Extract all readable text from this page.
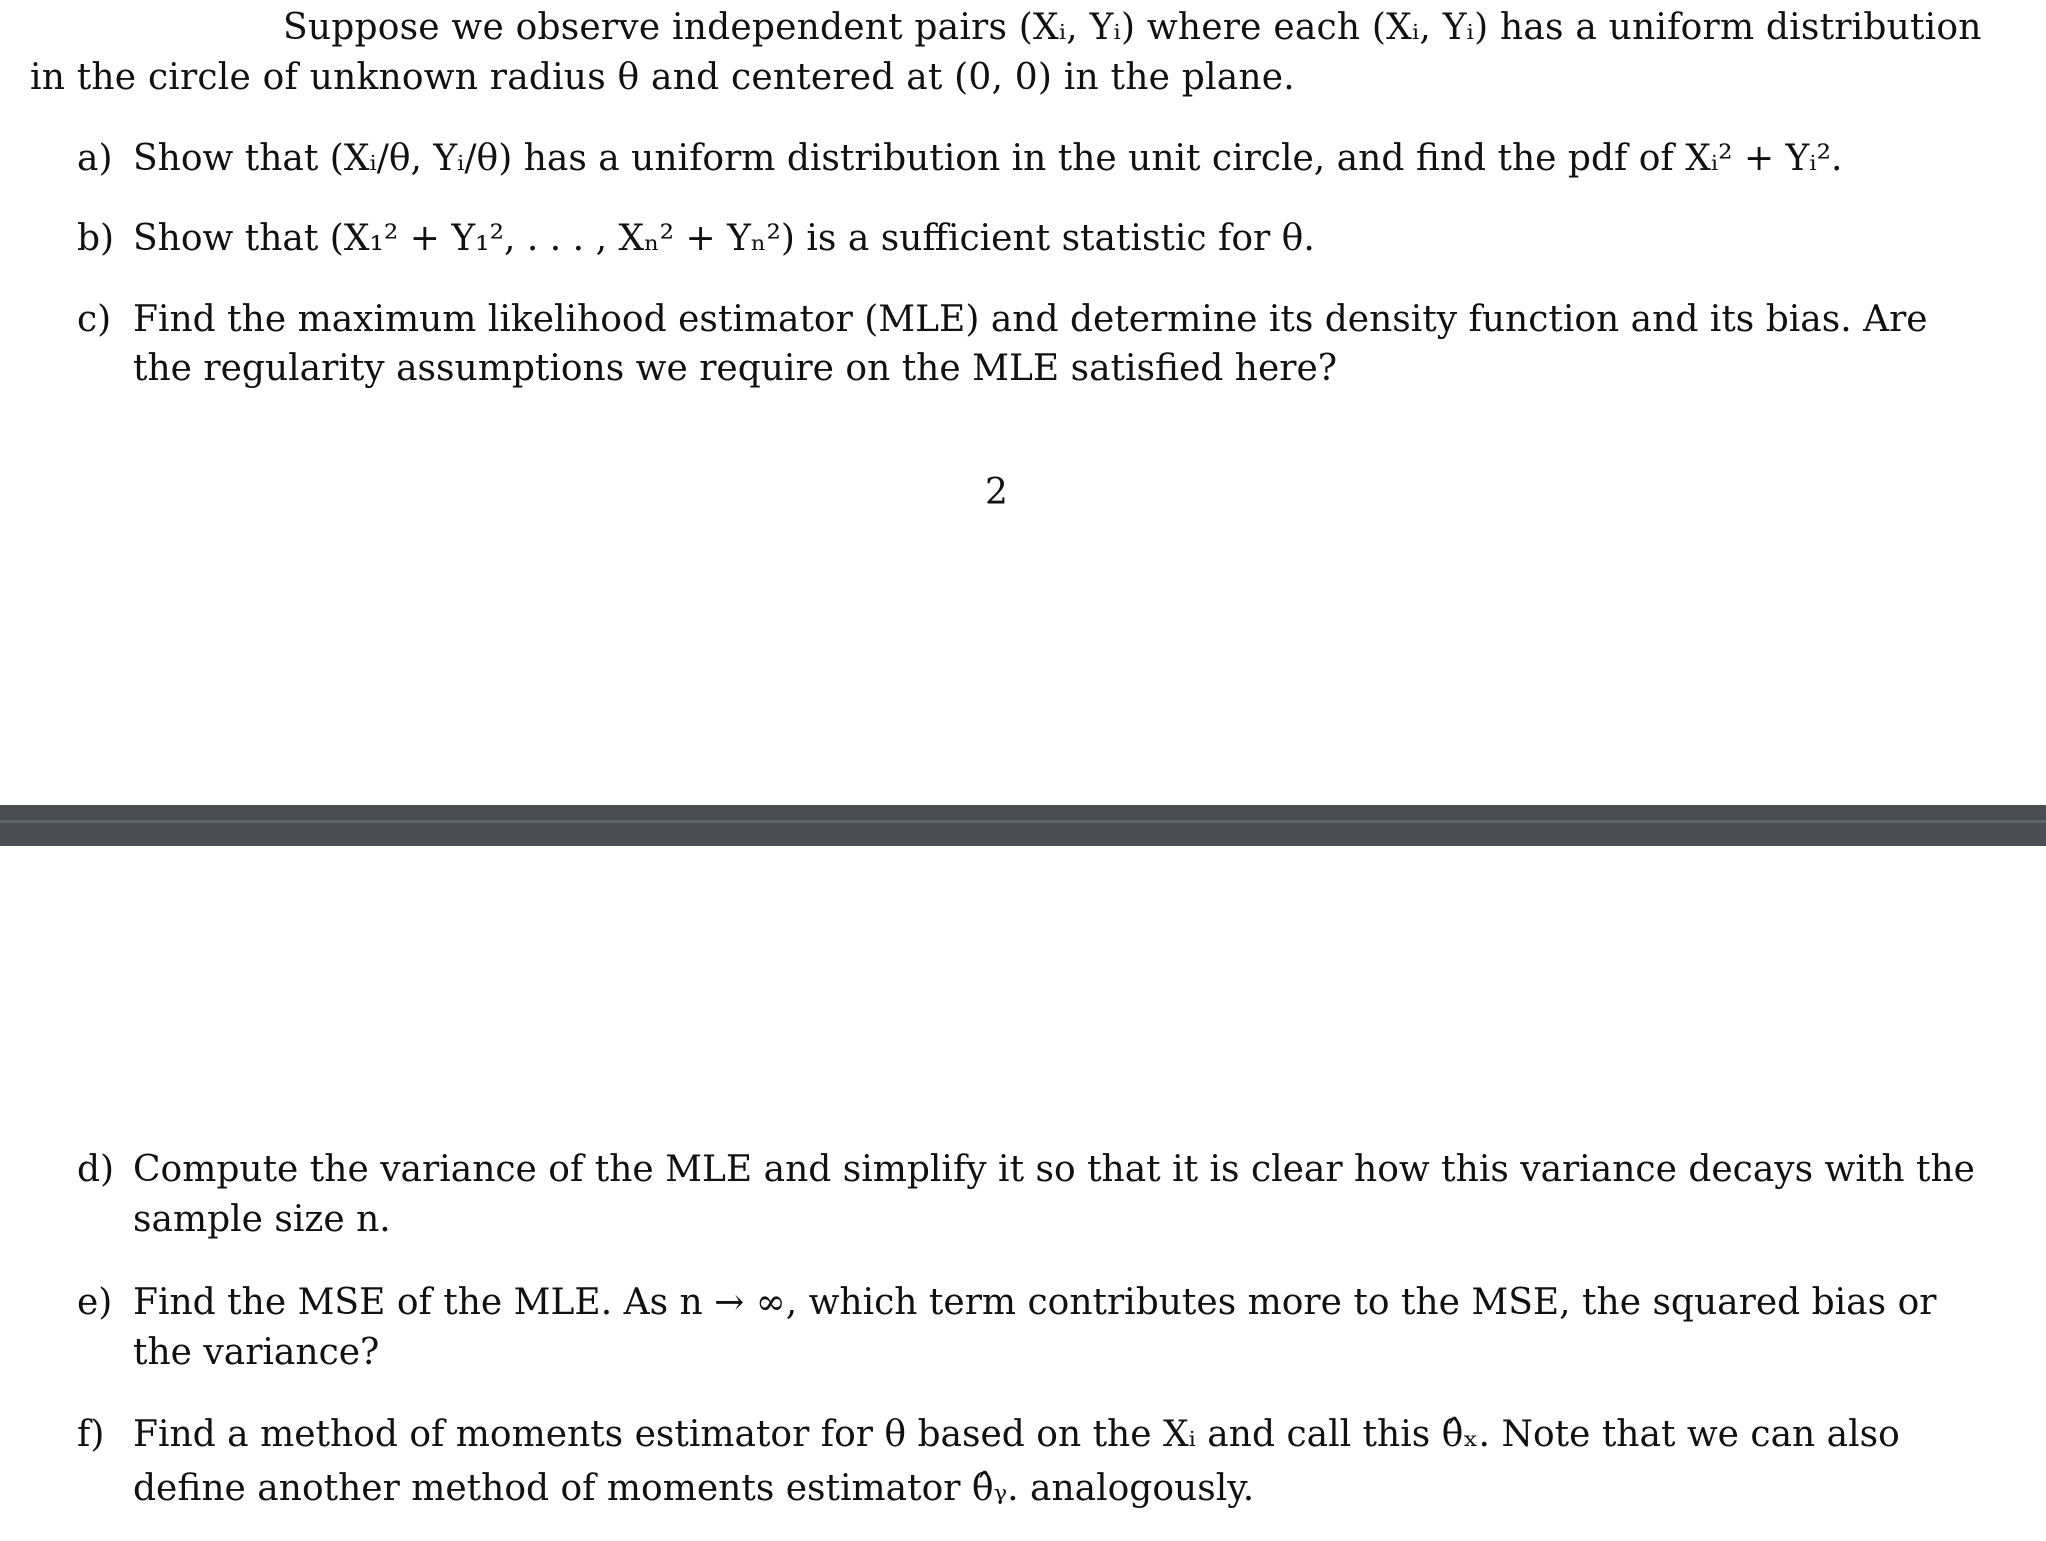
Suppose we observe independent pairs (Xᵢ, Yᵢ) where each (Xᵢ, Yᵢ) has a uniform distribution
in the circle of unknown radius θ and centered at (0, 0) in the plane.
a) Show that (Xᵢ/θ, Yᵢ/θ) has a uniform distribution in the unit circle, and find the pdf of Xᵢ² + Yᵢ².
b) Show that (X₁² + Y₁², . . . , Xₙ² + Yₙ²) is a sufficient statistic for θ.
c) Find the maximum likelihood estimator (MLE) and determine its density function and its bias. Are
the regularity assumptions we require on the MLE satisfied here?
2
d) Compute the variance of the MLE and simplify it so that it is clear how this variance decays with the
sample size n.
e) Find the MSE of the MLE. As n → ∞, which term contributes more to the MSE, the squared bias or
the variance?
f) Find a method of moments estimator for θ based on the Xᵢ and call this θ̂ₓ. Note that we can also
define another method of moments estimator θ̂ᵧ. analogously.
